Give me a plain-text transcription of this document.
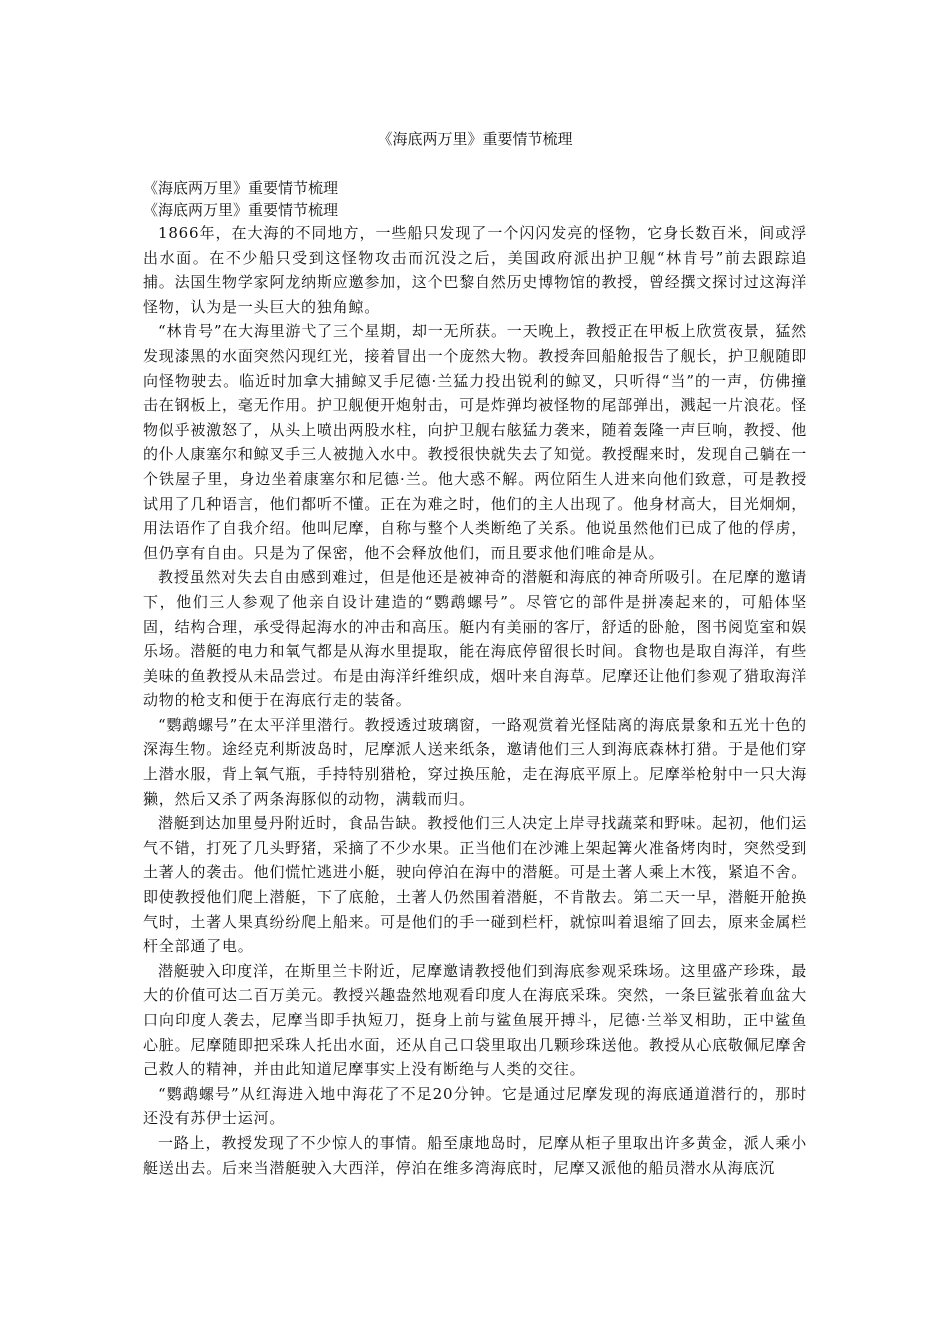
《海底两万里》重要情节梳理

《海底两万里》重要情节梳理

《海底两万里》重要情节梳理

1866年，在大海的不同地方，一些船只发现了一个闪闪发亮的怪物，它身长数百米，间或浮出水面。在不少船只受到这怪物攻击而沉没之后，美国政府派出护卫舰“林肯号”前去跟踪追捕。法国生物学家阿龙纳斯应邀参加，这个巴黎自然历史博物馆的教授，曾经撰文探讨过这海洋怪物，认为是一头巨大的独角鲸。

“林肯号”在大海里游弋了三个星期，却一无所获。一天晚上，教授正在甲板上欣赏夜景，猛然发现漆黑的水面突然闪现红光，接着冒出一个庞然大物。教授奔回船舱报告了舰长，护卫舰随即向怪物驶去。临近时加拿大捕鲸叉手尼德·兰猛力投出锐利的鲸叉，只听得“当”的一声，仿佛撞击在钢板上，毫无作用。护卫舰便开炮射击，可是炸弹均被怪物的尾部弹出，溅起一片浪花。怪物似乎被激怒了，从头上喷出两股水柱，向护卫舰右舷猛力袭来，随着轰隆一声巨响，教授、他的仆人康塞尔和鲸叉手三人被抛入水中。教授很快就失去了知觉。教授醒来时，发现自己躺在一个铁屋子里，身边坐着康塞尔和尼德·兰。他大惑不解。两位陌生人进来向他们致意，可是教授试用了几种语言，他们都听不懂。正在为难之时，他们的主人出现了。他身材高大，目光炯炯，用法语作了自我介绍。他叫尼摩，自称与整个人类断绝了关系。他说虽然他们已成了他的俘虏，但仍享有自由。只是为了保密，他不会释放他们，而且要求他们唯命是从。

教授虽然对失去自由感到难过，但是他还是被神奇的潜艇和海底的神奇所吸引。在尼摩的邀请下，他们三人参观了他亲自设计建造的“鹦鹉螺号”。尽管它的部件是拼凑起来的，可船体坚固，结构合理，承受得起海水的冲击和高压。艇内有美丽的客厅，舒适的卧舱，图书阅览室和娱乐场。潜艇的电力和氧气都是从海水里提取，能在海底停留很长时间。食物也是取自海洋，有些美味的鱼教授从未品尝过。布是由海洋纤维织成，烟叶来自海草。尼摩还让他们参观了猎取海洋动物的枪支和便于在海底行走的装备。

“鹦鹉螺号”在太平洋里潜行。教授透过玻璃窗，一路观赏着光怪陆离的海底景象和五光十色的深海生物。途经克利斯波岛时，尼摩派人送来纸条，邀请他们三人到海底森林打猎。于是他们穿上潜水服，背上氧气瓶，手持特别猎枪，穿过换压舱，走在海底平原上。尼摩举枪射中一只大海獭，然后又杀了两条海豚似的动物，满载而归。

潜艇到达加里曼丹附近时，食品告缺。教授他们三人决定上岸寻找蔬菜和野味。起初，他们运气不错，打死了几头野猪，采摘了不少水果。正当他们在沙滩上架起篝火准备烤肉时，突然受到土著人的袭击。他们慌忙逃进小艇，驶向停泊在海中的潜艇。可是土著人乘上木筏，紧追不舍。即使教授他们爬上潜艇，下了底舱，土著人仍然围着潜艇，不肯散去。第二天一早，潜艇开舱换气时，土著人果真纷纷爬上船来。可是他们的手一碰到栏杆，就惊叫着退缩了回去，原来金属栏杆全部通了电。

潜艇驶入印度洋，在斯里兰卡附近，尼摩邀请教授他们到海底参观采珠场。这里盛产珍珠，最大的价值可达二百万美元。教授兴趣盎然地观看印度人在海底采珠。突然，一条巨鲨张着血盆大口向印度人袭去，尼摩当即手执短刀，挺身上前与鲨鱼展开搏斗，尼德·兰举叉相助，正中鲨鱼心脏。尼摩随即把采珠人托出水面，还从自己口袋里取出几颗珍珠送他。教授从心底敬佩尼摩舍己救人的精神，并由此知道尼摩事实上没有断绝与人类的交往。

“鹦鹉螺号”从红海进入地中海花了不足20分钟。它是通过尼摩发现的海底通道潜行的，那时还没有苏伊士运河。

一路上，教授发现了不少惊人的事情。船至康地岛时，尼摩从柜子里取出许多黄金，派人乘小艇送出去。后来当潜艇驶入大西洋，停泊在维多湾海底时，尼摩又派他的船员潜水从海底沉
